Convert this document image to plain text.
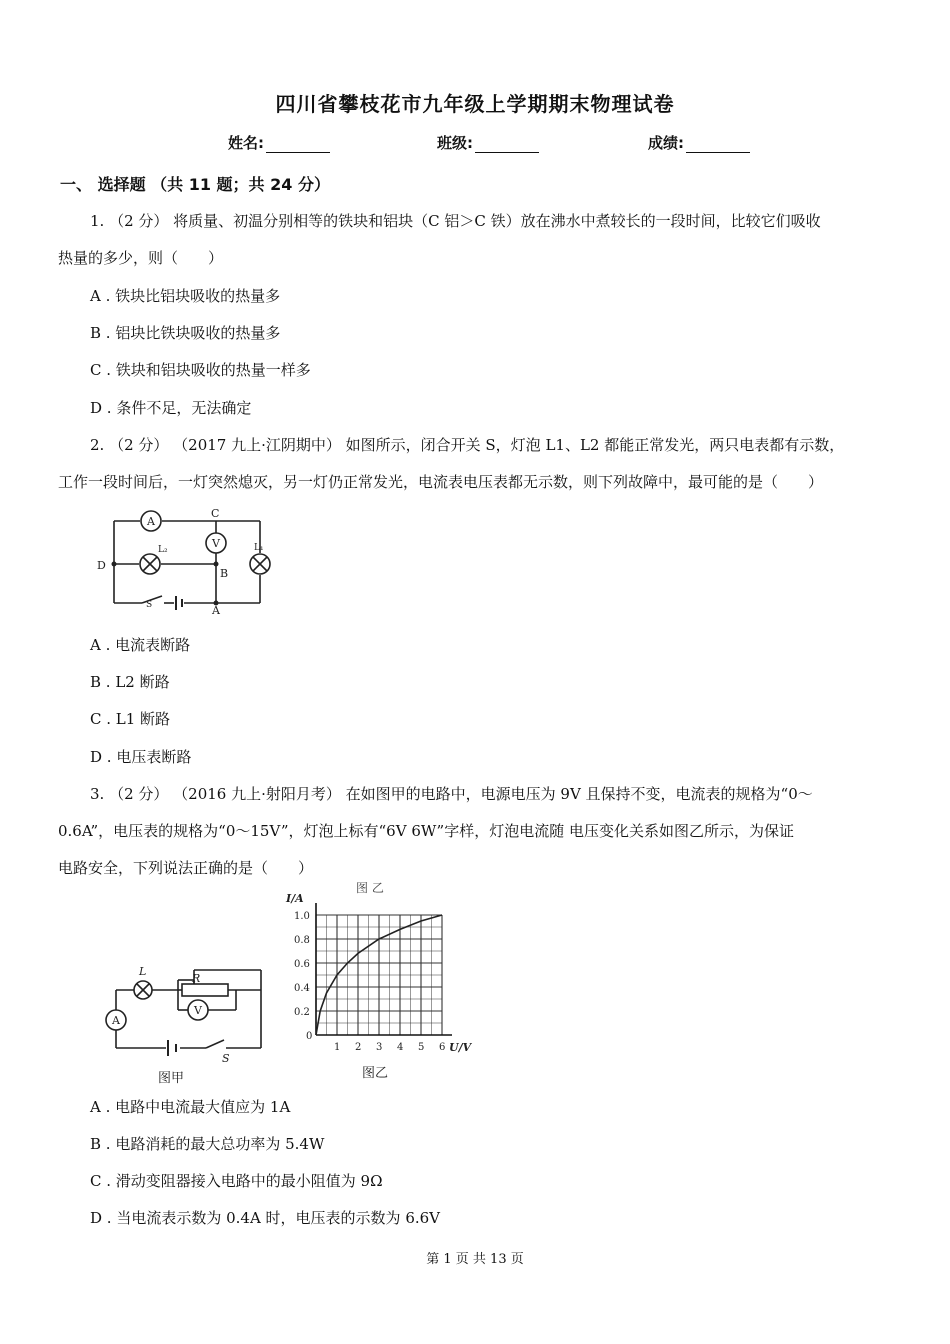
四川省攀枝花市九年级上学期期末物理试卷
姓名:	班级:	成绩:
一、 选择题 （共 11 题；共 24 分）
1. （2 分） 将质量、初温分别相等的铁块和铝块（C 铝＞C 铁）放在沸水中煮较长的一段时间，比较它们吸收
热量的多少，则（　　）
A . 铁块比铝块吸收的热量多
B . 铝块比铁块吸收的热量多
C . 铁块和铝块吸收的热量一样多
D . 条件不足，无法确定
2. （2 分） （2017 九上·江阴期中） 如图所示，闭合开关 S，灯泡 L1、L2 都能正常发光，两只电表都有示数，
工作一段时间后，一灯突然熄灭，另一灯仍正常发光，电流表电压表都无示数，则下列故障中，最可能的是（　　）
A
C
V
L₂	L₁
D
B
S	A
A . 电流表断路
B . L2 断路
C . L1 断路
D . 电压表断路
3. （2 分） （2016 九上·射阳月考） 在如图甲的电路中，电源电压为 9V 且保持不变，电流表的规格为“0～
0.6A”，电压表的规格为“0～15V”，灯泡上标有“6V 6W”字样，灯泡电流随 电压变化关系如图乙所示，为保证
电路安全，下列说法正确的是（　　）
L
R
V
A
S
图甲
图 乙
1 2 3 4 5 6
0
0.2
0.4
0.6
0.8
1.0
I/A
U/V
图乙
A . 电路中电流最大值应为 1A
B . 电路消耗的最大总功率为 5.4W
C . 滑动变阻器接入电路中的最小阻值为 9Ω
D . 当电流表示数为 0.4A 时，电压表的示数为 6.6V
第 1 页 共 13 页
